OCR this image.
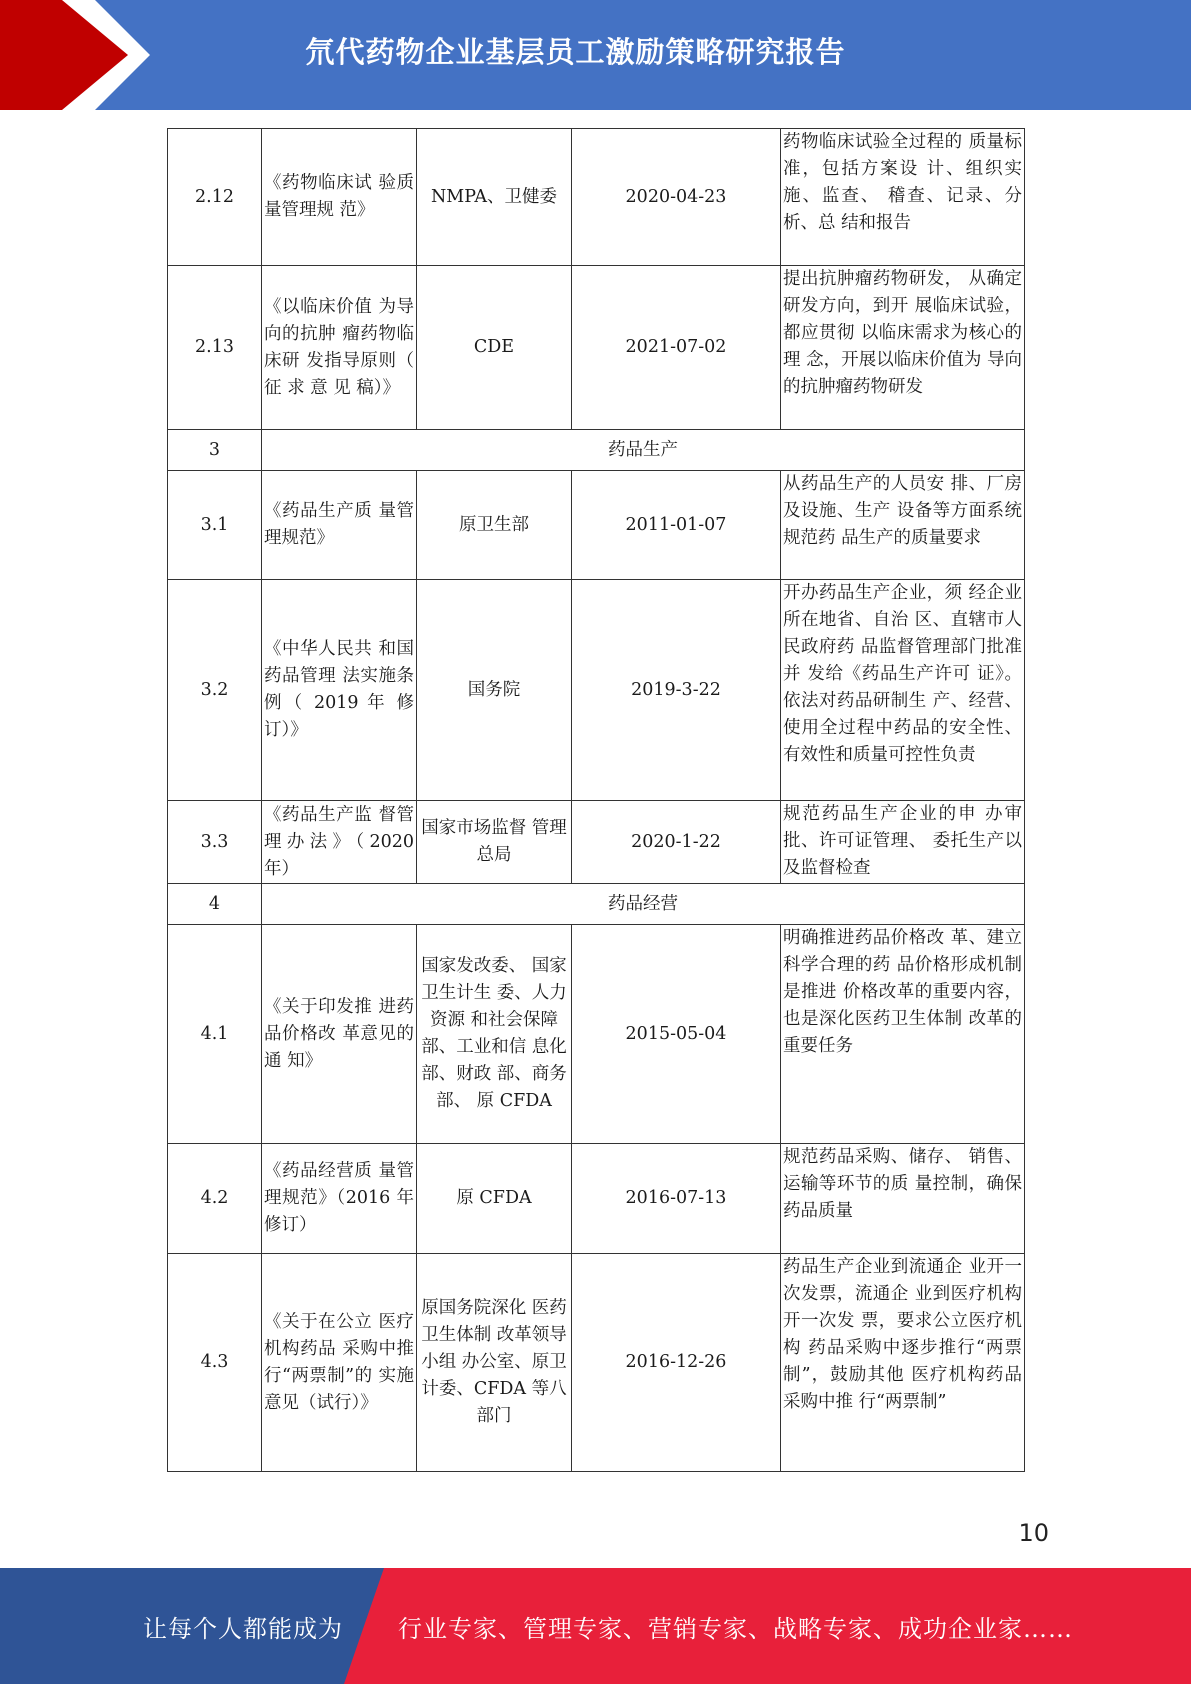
氘代药物企业基层员工激励策略研究报告
2.12	《药物临床试 验质量管理规 范》	NMPA、卫健委	2020-04-23	药物临床试验全过程的 质量标准，包括方案设 计、组织实施、监查、 稽查、记录、分析、总 结和报告
2.13	《以临床价值 为导向的抗肿 瘤药物临床研 发指导原则（ 征 求 意 见 稿）》	CDE	2021-07-02	提出抗肿瘤药物研发， 从确定研发方向，到开 展临床试验，都应贯彻 以临床需求为核心的理 念，开展以临床价值为 导向的抗肿瘤药物研发
3	药品生产			
3.1	《药品生产质 量管理规范》	原卫生部	2011-01-07	从药品生产的人员安 排、厂房及设施、生产 设备等方面系统规范药 品生产的质量要求
3.2	《中华人民共 和国药品管理 法实施条例（ 2019 年 修订）》	国务院	2019-3-22	开办药品生产企业，须 经企业所在地省、自治 区、直辖市人民政府药 品监督管理部门批准并 发给《药品生产许可 证》。依法对药品研制生 产、经营、使用全过程中药品的安全性、有效性和质量可控性负责
3.3	《药品生产监 督管理办法》（2020 年）	国家市场监督 管理总局	2020-1-22	规范药品生产企业的申 办审批、许可证管理、 委托生产以及监督检查
4	药品经营			
4.1	《关于印发推 进药品价格改 革意见的通 知》	国家发改委、 国家卫生计生 委、人力资源 和社会保障 部、工业和信 息化部、财政 部、商务部、 原 CFDA	2015-05-04	明确推进药品价格改 革、建立科学合理的药 品价格形成机制是推进 价格改革的重要内容， 也是深化医药卫生体制 改革的重要任务
4.2	《药品经营质 量管理规范》（2016 年修订）	原 CFDA	2016-07-13	规范药品采购、储存、 销售、运输等环节的质 量控制，确保药品质量
4.3	《关于在公立 医疗机构药品 采购中推行“两票制”的 实施意见（试行）》	原国务院深化 医药卫生体制 改革领导小组 办公室、原卫 计委、CFDA 等八部门	2016-12-26	药品生产企业到流通企 业开一次发票，流通企 业到医疗机构开一次发 票，要求公立医疗机构 药品采购中逐步推行“两票制”，鼓励其他 医疗机构药品采购中推 行“两票制”
10
让每个人都能成为 行业专家、管理专家、营销专家、战略专家、成功企业家……
